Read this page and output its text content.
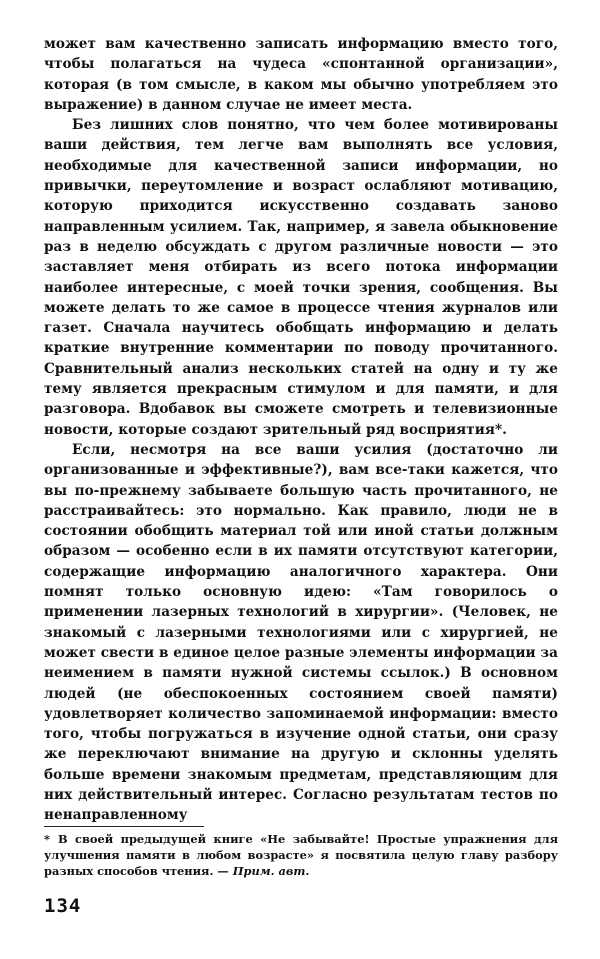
может вам качественно записать информацию вместо того, чтобы полагаться на чудеса «спонтанной организации», которая (в том смысле, в каком мы обычно употребляем это выражение) в данном случае не имеет места.

Без лишних слов понятно, что чем более мотивированы ваши действия, тем легче вам выполнять все условия, необходимые для качественной записи информации, но привычки, переутомление и возраст ослабляют мотивацию, которую приходится искусственно создавать заново направленным усилием. Так, например, я завела обыкновение раз в неделю обсуждать с другом различные новости — это заставляет меня отбирать из всего потока информации наиболее интересные, с моей точки зрения, сообщения. Вы можете делать то же самое в процессе чтения журналов или газет. Сначала научитесь обобщать информацию и делать краткие внутренние комментарии по поводу прочитанного. Сравнительный анализ нескольких статей на одну и ту же тему является прекрасным стимулом и для памяти, и для разговора. Вдобавок вы сможете смотреть и телевизионные новости, которые создают зрительный ряд восприятия*.

Если, несмотря на все ваши усилия (достаточно ли организованные и эффективные?), вам все-таки кажется, что вы по-прежнему забываете большую часть прочитанного, не расстраивайтесь: это нормально. Как правило, люди не в состоянии обобщить материал той или иной статьи должным образом — особенно если в их памяти отсутствуют категории, содержащие информацию аналогичного характера. Они помнят только основную идею: «Там говорилось о применении лазерных технологий в хирургии». (Человек, не знакомый с лазерными технологиями или с хирургией, не может свести в единое целое разные элементы информации за неимением в памяти нужной системы ссылок.) В основном людей (не обеспокоенных состоянием своей памяти) удовлетворяет количество запоминаемой информации: вместо того, чтобы погружаться в изучение одной статьи, они сразу же переключают внимание на другую и склонны уделять больше времени знакомым предметам, представляющим для них действительный интерес. Согласно результатам тестов по ненаправленному

* В своей предыдущей книге «Не забывайте! Простые упражнения для улучшения памяти в любом возрасте» я посвятила целую главу разбору разных способов чтения. — Прим. авт.

134
